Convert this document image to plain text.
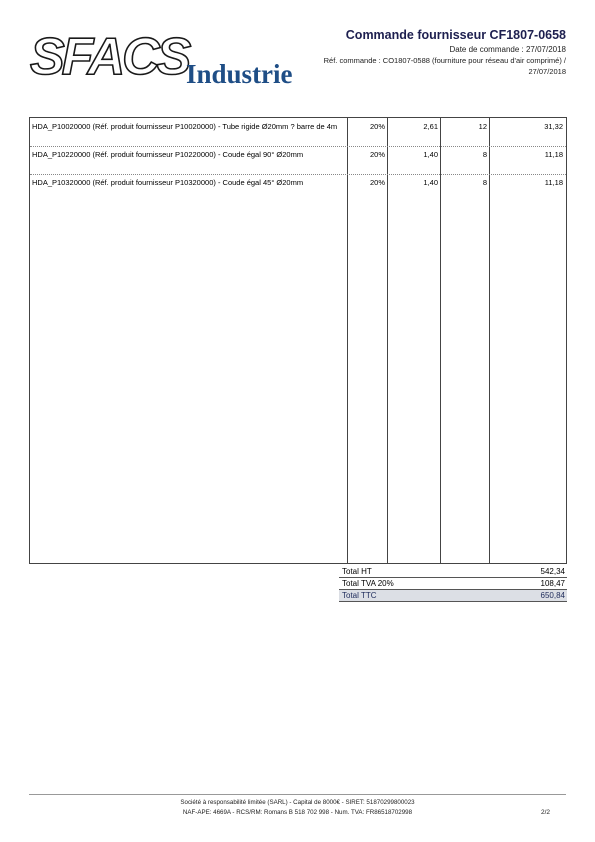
SFACS
Industrie
Commande fournisseur CF1807-0658
Date de commande : 27/07/2018
Réf. commande : CO1807-0588 (fourniture pour réseau d'air comprimé) / 27/07/2018
HDA_P10020000 (Réf. produit fournisseur P10020000) - Tube rigide Ø20mm ? barre de 4m	20%	2,61	12	31,32
HDA_P10220000 (Réf. produit fournisseur P10220000) - Coude égal 90° Ø20mm	20%	1,40	8	11,18
HDA_P10320000 (Réf. produit fournisseur P10320000) - Coude égal 45° Ø20mm	20%	1,40	8	11,18
Total HT	542,34
Total TVA 20%	108,47
Total TTC	650,84
Société à responsabilité limitée (SARL) - Capital de 8000€ - SIRET: 51870299800023
NAF-APE: 4669A - RCS/RM: Romans B 518 702 998 - Num. TVA: FR86518702998	2/2
